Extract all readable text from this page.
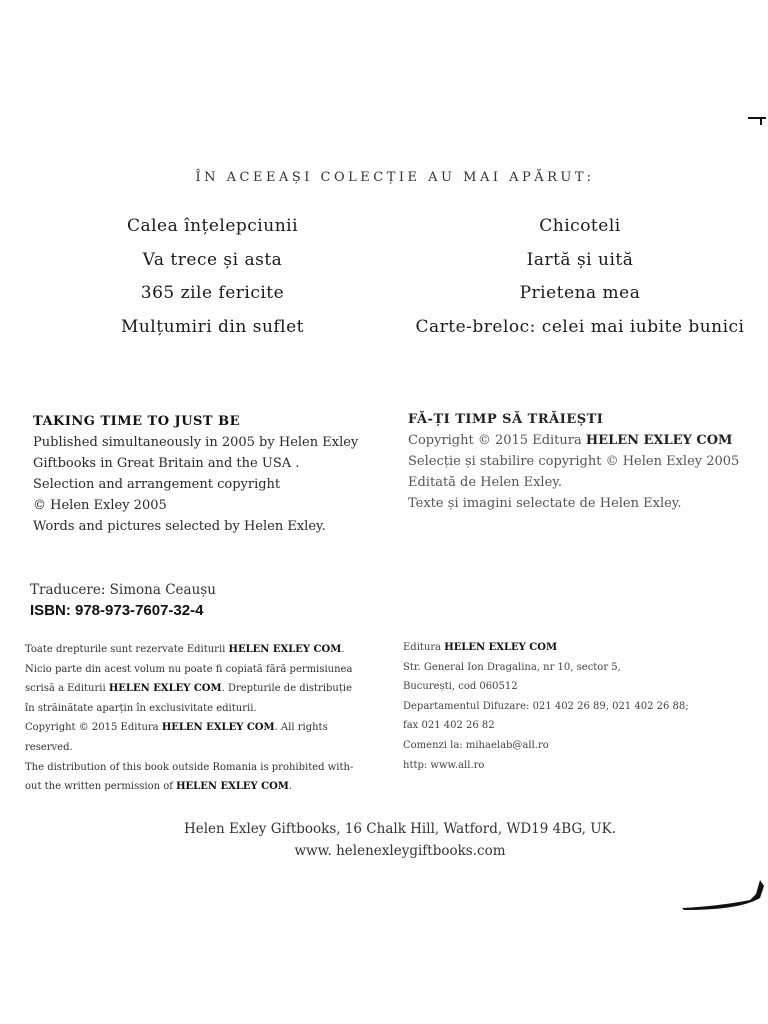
ÎN ACEEAȘI COLECȚIE AU MAI APĂRUT:
Calea înțelepciunii
Va trece și asta
365 zile fericite
Mulțumiri din suflet
Chicoteli
Iartă și uită
Prietena mea
Carte-breloc: celei mai iubite bunici
TAKING TIME TO JUST BE
Published simultaneously in 2005 by Helen Exley
Giftbooks in Great Britain and the USA .
Selection and arrangement copyright
© Helen Exley 2005
Words and pictures selected by Helen Exley.
FĂ-ȚI TIMP SĂ TRĂIEȘTI
Copyright © 2015 Editura HELEN EXLEY COM
Selecție și stabilire copyright © Helen Exley 2005
Editată de Helen Exley.
Texte și imagini selectate de Helen Exley.
Traducere: Simona Ceaușu
ISBN: 978-973-7607-32-4
Toate drepturile sunt rezervate Editurii HELEN EXLEY COM.
Nicio parte din acest volum nu poate fi copiată fără permisiunea
scrisă a Editurii HELEN EXLEY COM. Drepturile de distribuție
în străinătate aparțin în exclusivitate editurii.
Copyright © 2015 Editura HELEN EXLEY COM. All rights
reserved.
The distribution of this book outside Romania is prohibited with-
out the written permission of HELEN EXLEY COM.
Editura HELEN EXLEY COM
Str. General Ion Dragalina, nr 10, sector 5,
București, cod 060512
Departamentul Difuzare: 021 402 26 89, 021 402 26 88;
fax 021 402 26 82
Comenzi la: mihaelab@all.ro
http: www.all.ro
Helen Exley Giftbooks, 16 Chalk Hill, Watford, WD19 4BG, UK.
www. helenexleygiftbooks.com
